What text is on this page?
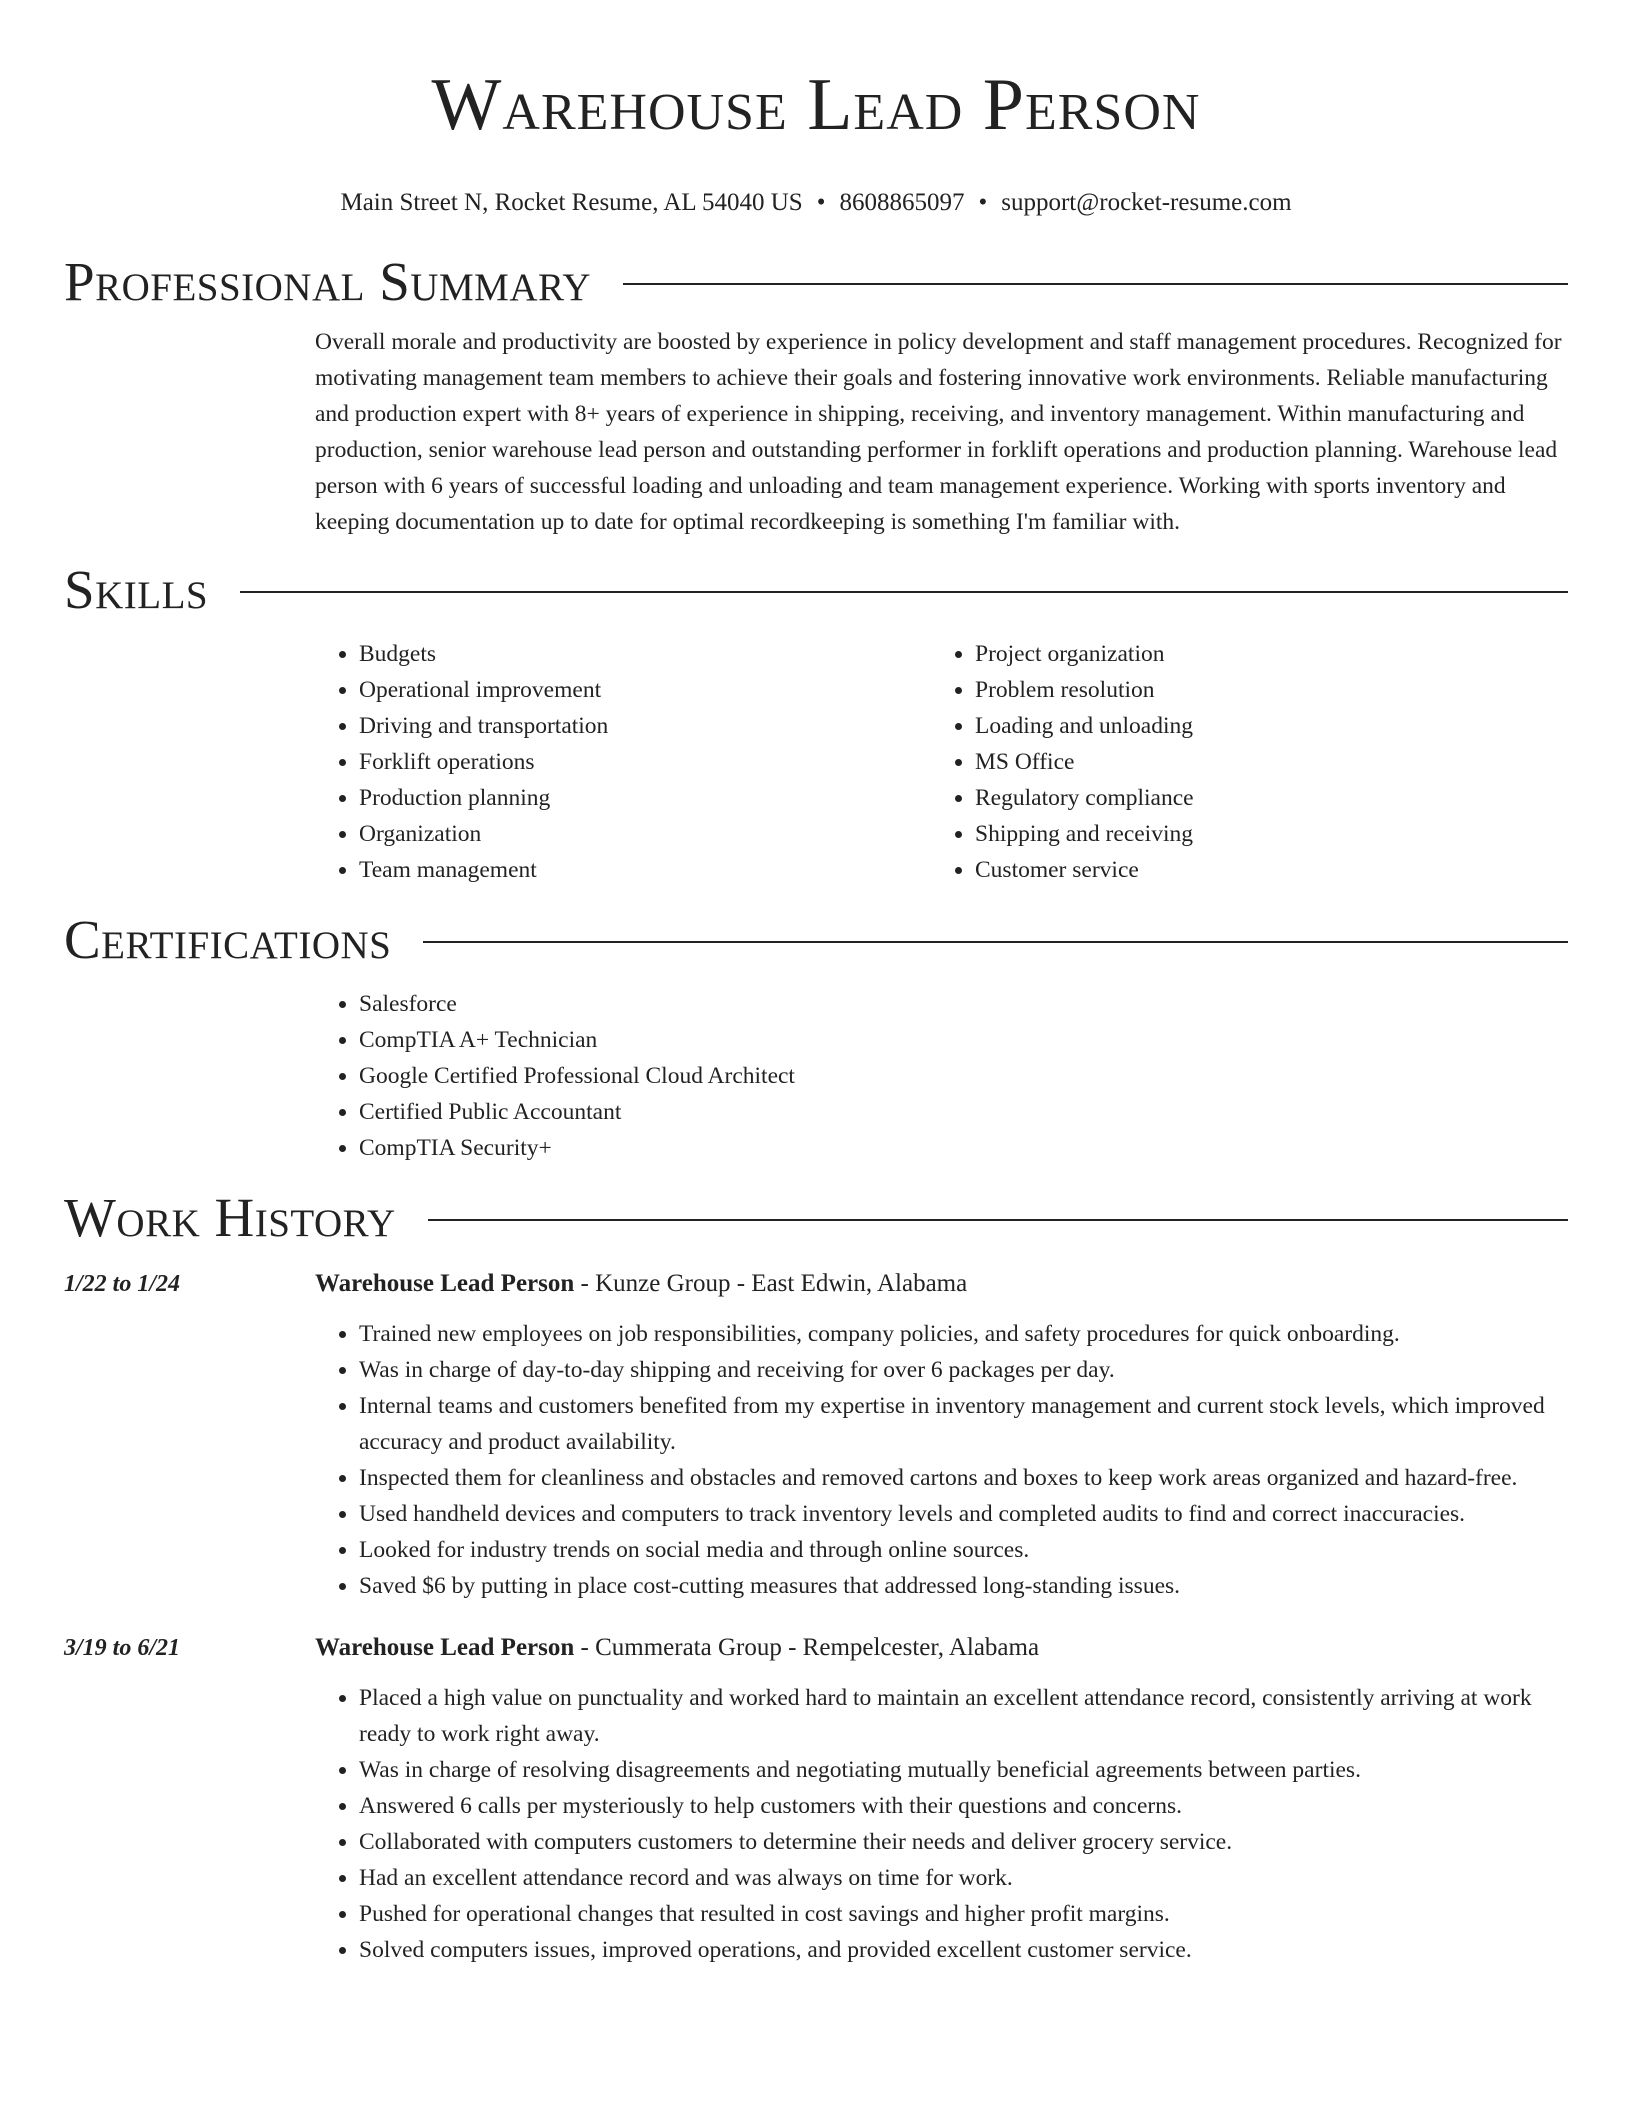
Warehouse Lead Person
Main Street N, Rocket Resume, AL 54040 US • 8608865097 • support@rocket-resume.com
Professional Summary

Overall morale and productivity are boosted by experience in policy development and staff management procedures. Recognized for motivating management team members to achieve their goals and fostering innovative work environments. Reliable manufacturing and production expert with 8+ years of experience in shipping, receiving, and inventory management. Within manufacturing and production, senior warehouse lead person and outstanding performer in forklift operations and production planning. Warehouse lead person with 6 years of successful loading and unloading and team management experience. Working with sports inventory and keeping documentation up to date for optimal recordkeeping is something I'm familiar with.

Skills
• Budgets
• Operational improvement
• Driving and transportation
• Forklift operations
• Production planning
• Organization
• Team management
• Project organization
• Problem resolution
• Loading and unloading
• MS Office
• Regulatory compliance
• Shipping and receiving
• Customer service
Certifications
• Salesforce
• CompTIA A+ Technician
• Google Certified Professional Cloud Architect
• Certified Public Accountant
• CompTIA Security+
Work History
1/22 to 1/24	Warehouse Lead Person - Kunze Group - East Edwin, Alabama
• Trained new employees on job responsibilities, company policies, and safety procedures for quick onboarding.
• Was in charge of day-to-day shipping and receiving for over 6 packages per day.
• Internal teams and customers benefited from my expertise in inventory management and current stock levels, which improved accuracy and product availability.
• Inspected them for cleanliness and obstacles and removed cartons and boxes to keep work areas organized and hazard-free.
• Used handheld devices and computers to track inventory levels and completed audits to find and correct inaccuracies.
• Looked for industry trends on social media and through online sources.
• Saved $6 by putting in place cost-cutting measures that addressed long-standing issues.
3/19 to 6/21	Warehouse Lead Person - Cummerata Group - Rempelcester, Alabama
• Placed a high value on punctuality and worked hard to maintain an excellent attendance record, consistently arriving at work ready to work right away.
• Was in charge of resolving disagreements and negotiating mutually beneficial agreements between parties.
• Answered 6 calls per mysteriously to help customers with their questions and concerns.
• Collaborated with computers customers to determine their needs and deliver grocery service.
• Had an excellent attendance record and was always on time for work.
• Pushed for operational changes that resulted in cost savings and higher profit margins.
• Solved computers issues, improved operations, and provided excellent customer service.
